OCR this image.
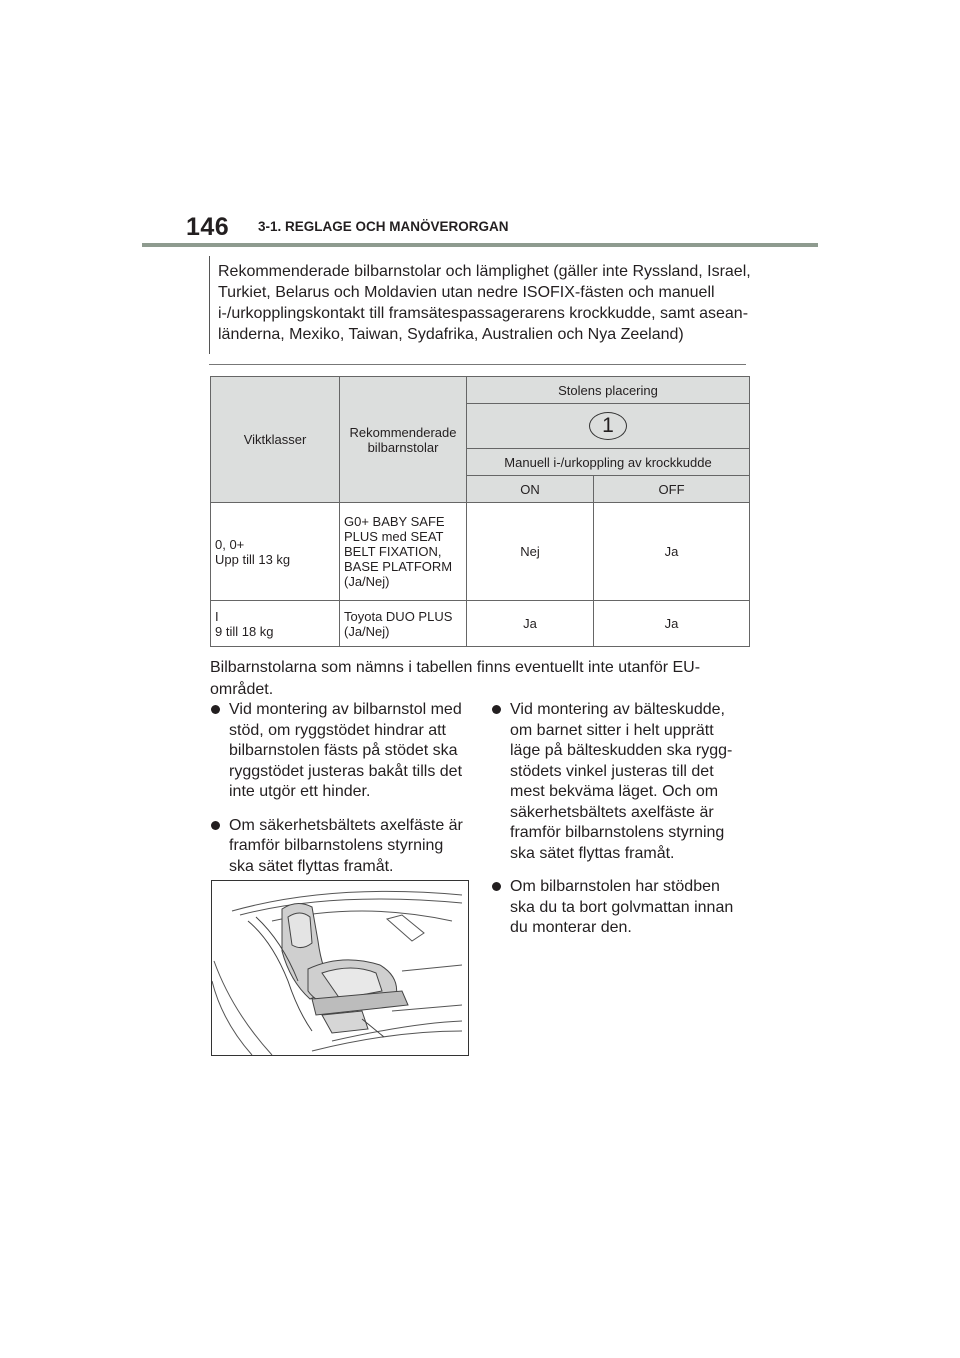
146 3-1. REGLAGE OCH MANÖVERORGAN
Rekommenderade bilbarnstolar och lämplighet (gäller inte Ryssland, Israel, Turkiet, Belarus och Moldavien utan nedre ISOFIX-fästen och manuell i-/urkopplingskontakt till framsätespassagerarens krockkudde, samt asean-länderna, Mexiko, Taiwan, Sydafrika, Australien och Nya Zeeland)
Viktklasser	Rekommenderade bilbarnstolar	Stolens placering	
		1	
		Manuell i-/urkoppling av krockkudde	
		ON	OFF

0, 0+
Upp till 13 kg	G0+ BABY SAFE PLUS med SEAT BELT FIXATION, BASE PLATFORM (Ja/Nej)	Nej	Ja

I
9 till 18 kg	Toyota DUO PLUS (Ja/Nej)	Ja	Ja
Bilbarnstolarna som nämns i tabellen finns eventuellt inte utanför EU-området.
Vid montering av bilbarnstol med stöd, om ryggstödet hindrar att bilbarnstolen fästs på stödet ska ryggstödet justeras bakåt tills det inte utgör ett hinder.
Om säkerhetsbältets axelfäste är framför bilbarnstolens styrning ska sätet flyttas framåt.
Vid montering av bälteskudde, om barnet sitter i helt upprätt läge på bälteskudden ska rygg-stödets vinkel justeras till det mest bekväma läget. Och om säkerhetsbältets axelfäste är framför bilbarnstolens styrning ska sätet flyttas framåt.
Om bilbarnstolen har stödben ska du ta bort golvmattan innan du monterar den.
